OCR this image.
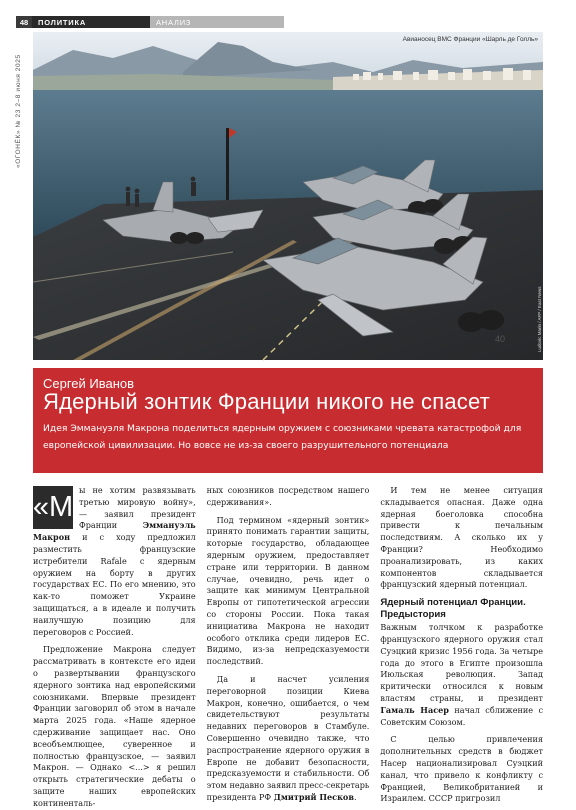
48	ПОЛИТИКА	АНАЛИЗ
«ОГОНЁК» № 23 2–8 июня 2025
40
Авианосец ВМС Франции «Шарль де Голль»
Ludovic Marin / AFP / East News
Сергей Иванов
Ядерный зонтик Франции никого не спасет
Идея Эммануэля Макрона поделиться ядерным оружием с союзниками чревата катастрофой для европейской цивилизации. Но вовсе не из-за своего разрушительного потенциала

«М
ы не хотим развязывать третью мировую войну», — заявил президент Франции Эммануэль Макрон и с ходу предложил разместить французские истребители Rafale с ядерным оружием на борту в других государствах ЕС. По его мнению, это как-то поможет Украине защищаться, а в идеале и получить наилучшую позицию для переговоров с Россией.

Предложение Макрона следует рассматривать в контексте его идеи о развертывании французского ядерного зонтика над европейскими союзниками. Впервые президент Франции заговорил об этом в начале марта 2025 года. «Наше ядерное сдерживание защищает нас. Оно всеобъемлющее, суверенное и полностью французское, — заявил Макрон. — Однако <...> я решил открыть стратегические дебаты о защите наших европейских континенталь-

ных союзников посредством нашего сдерживания».

Под термином «ядерный зонтик» принято понимать гарантии защиты, которые государство, обладающее ядерным оружием, предоставляет стране или территории. В данном случае, очевидно, речь идет о защите как минимум Центральной Европы от гипотетической агрессии со стороны России. Пока такая инициатива Макрона не находит особого отклика среди лидеров ЕС. Видимо, из-за непредсказуемости последствий.

Да и насчет усиления переговорной позиции Киева Макрон, конечно, ошибается, о чем свидетельствуют результаты недавних переговоров в Стамбуле. Совершенно очевидно также, что распространение ядерного оружия в Европе не добавит безопасности, предсказуемости и стабильности. Об этом недавно заявил пресс-секретарь президента РФ Дмитрий Песков.

И тем не менее ситуация складывается опасная. Даже одна ядерная боеголовка способна привести к печальным последствиям. А сколько их у Франции? Необходимо проанализировать, из каких компонентов складывается французский ядерный потенциал.

Ядерный потенциал Франции. Предыстория

Важным толчком к разработке французского ядерного оружия стал Суэцкий кризис 1956 года. За четыре года до этого в Египте произошла Июльская революция. Запад критически относился к новым властям страны, и президент Гамаль Насер начал сближение с Советским Союзом.

С целью привлечения дополнительных средств в бюджет Насер национализировал Суэцкий канал, что привело к конфликту с Францией, Великобританией и Израилем. СССР пригрозил
